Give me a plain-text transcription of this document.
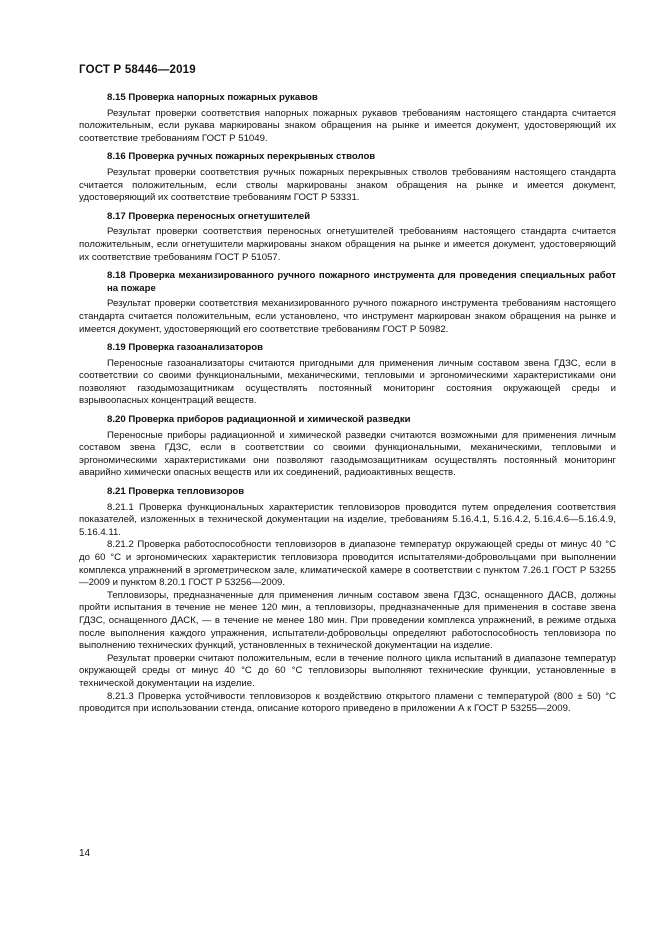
ГОСТ Р 58446—2019

8.15 Проверка напорных пожарных рукавов

Результат проверки соответствия напорных пожарных рукавов требованиям настоящего стандарта считается положительным, если рукава маркированы знаком обращения на рынке и имеется документ, удостоверяющий их соответствие требованиям ГОСТ Р 51049.

8.16 Проверка ручных пожарных перекрывных стволов

Результат проверки соответствия ручных пожарных перекрывных стволов требованиям настоящего стандарта считается положительным, если стволы маркированы знаком обращения на рынке и имеется документ, удостоверяющий их соответствие требованиям ГОСТ Р 53331.

8.17 Проверка переносных огнетушителей

Результат проверки соответствия переносных огнетушителей требованиям настоящего стандарта считается положительным, если огнетушители маркированы знаком обращения на рынке и имеется документ, удостоверяющий их соответствие требованиям ГОСТ Р 51057.

8.18 Проверка механизированного ручного пожарного инструмента для проведения специальных работ на пожаре

Результат проверки соответствия механизированного ручного пожарного инструмента требованиям настоящего стандарта считается положительным, если установлено, что инструмент маркирован знаком обращения на рынке и имеется документ, удостоверяющий его соответствие требованиям ГОСТ Р 50982.

8.19 Проверка газоанализаторов

Переносные газоанализаторы считаются пригодными для применения личным составом звена ГДЗС, если в соответствии со своими функциональными, механическими, тепловыми и эргономическими характеристиками они позволяют газодымозащитникам осуществлять постоянный мониторинг состояния окружающей среды и взрывоопасных концентраций веществ.

8.20 Проверка приборов радиационной и химической разведки

Переносные приборы радиационной и химической разведки считаются возможными для применения личным составом звена ГДЗС, если в соответствии со своими функциональными, механическими, тепловыми и эргономическими характеристиками они позволяют газодымозащитникам осуществлять постоянный мониторинг аварийно химически опасных веществ или их соединений, радиоактивных веществ.

8.21 Проверка тепловизоров

8.21.1 Проверка функциональных характеристик тепловизоров проводится путем определения соответствия показателей, изложенных в технической документации на изделие, требованиям 5.16.4.1, 5.16.4.2, 5.16.4.6—5.16.4.9, 5.16.4.11.

8.21.2 Проверка работоспособности тепловизоров в диапазоне температур окружающей среды от минус 40 °С до 60 °С и эргономических характеристик тепловизора проводится испытателями-добровольцами при выполнении комплекса упражнений в эргометрическом зале, климатической камере в соответствии с пунктом 7.26.1 ГОСТ Р 53255—2009 и пунктом 8.20.1 ГОСТ Р 53256—2009.

Тепловизоры, предназначенные для применения личным составом звена ГДЗС, оснащенного ДАСВ, должны пройти испытания в течение не менее 120 мин, а тепловизоры, предназначенные для применения в составе звена ГДЗС, оснащенного ДАСК, — в течение не менее 180 мин. При проведении комплекса упражнений, в режиме отдыха после выполнения каждого упражнения, испытатели-добровольцы определяют работоспособность тепловизора по выполнению технических функций, установленных в технической документации на изделие.

Результат проверки считают положительным, если в течение полного цикла испытаний в диапазоне температур окружающей среды от минус 40 °С до 60 °С тепловизоры выполняют технические функции, установленные в технической документации на изделие.

8.21.3 Проверка устойчивости тепловизоров к воздействию открытого пламени с температурой (800 ± 50) °С проводится при использовании стенда, описание которого приведено в приложении А к ГОСТ Р 53255—2009.

14
